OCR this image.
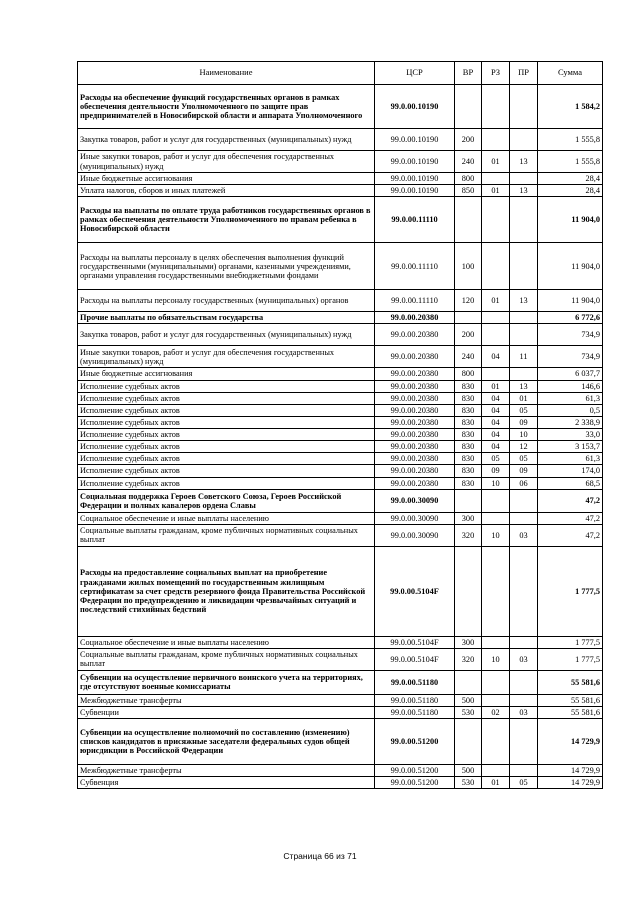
Наименование	ЦСР	ВР	РЗ	ПР	Сумма
Расходы на обеспечение функций государственных органов в рамках обеспечения деятельности Уполномоченного по защите прав предпринимателей в Новосибирской области и аппарата Уполномоченного	99.0.00.10190				1 584,2
Закупка товаров, работ и услуг для государственных (муниципальных) нужд	99.0.00.10190	200			1 555,8
Иные закупки товаров, работ и услуг для обеспечения государственных (муниципальных) нужд	99.0.00.10190	240	01	13	1 555,8
Иные бюджетные ассигнования	99.0.00.10190	800			28,4
Уплата налогов, сборов и иных платежей	99.0.00.10190	850	01	13	28,4
Расходы на выплаты по оплате труда работников государственных органов в рамках обеспечения деятельности Уполномоченного по правам ребенка в Новосибирской области	99.0.00.11110				11 904,0
Расходы на выплаты персоналу в целях обеспечения выполнения функций государственными (муниципальными) органами, казенными учреждениями, органами управления государственными внебюджетными фондами	99.0.00.11110	100			11 904,0
Расходы на выплаты персоналу государственных (муниципальных) органов	99.0.00.11110	120	01	13	11 904,0
Прочие выплаты по обязательствам государства	99.0.00.20380				6 772,6
Закупка товаров, работ и услуг для государственных (муниципальных) нужд	99.0.00.20380	200			734,9
Иные закупки товаров, работ и услуг для обеспечения государственных (муниципальных) нужд	99.0.00.20380	240	04	11	734,9
Иные бюджетные ассигнования	99.0.00.20380	800			6 037,7
Исполнение судебных актов	99.0.00.20380	830	01	13	146,6
Исполнение судебных актов	99.0.00.20380	830	04	01	61,3
Исполнение судебных актов	99.0.00.20380	830	04	05	0,5
Исполнение судебных актов	99.0.00.20380	830	04	09	2 338,9
Исполнение судебных актов	99.0.00.20380	830	04	10	33,0
Исполнение судебных актов	99.0.00.20380	830	04	12	3 153,7
Исполнение судебных актов	99.0.00.20380	830	05	05	61,3
Исполнение судебных актов	99.0.00.20380	830	09	09	174,0
Исполнение судебных актов	99.0.00.20380	830	10	06	68,5
Социальная поддержка Героев Советского Союза, Героев Российской Федерации и полных кавалеров ордена Славы	99.0.00.30090				47,2
Социальное обеспечение и иные выплаты населению	99.0.00.30090	300			47,2
Социальные выплаты гражданам, кроме публичных нормативных социальных выплат	99.0.00.30090	320	10	03	47,2
Расходы на предоставление социальных выплат на приобретение гражданами жилых помещений по государственным жилищным сертификатам за счет средств резервного фонда Правительства Российской Федерации по предупреждению и ликвидации чрезвычайных ситуаций и последствий стихийных бедствий	99.0.00.5104F				1 777,5
Социальное обеспечение и иные выплаты населению	99.0.00.5104F	300			1 777,5
Социальные выплаты гражданам, кроме публичных нормативных социальных выплат	99.0.00.5104F	320	10	03	1 777,5
Субвенции на осуществление первичного воинского учета на территориях, где отсутствуют военные комиссариаты	99.0.00.51180				55 581,6
Межбюджетные трансферты	99.0.00.51180	500			55 581,6
Субвенции	99.0.00.51180	530	02	03	55 581,6
Субвенции на осуществление полномочий по составлению (изменению) списков кандидатов в присяжные заседатели федеральных судов общей юрисдикции в Российской Федерации	99.0.00.51200				14 729,9
Межбюджетные трансферты	99.0.00.51200	500			14 729,9
Субвенция	99.0.00.51200	530	01	05	14 729,9
Страница 66 из 71
